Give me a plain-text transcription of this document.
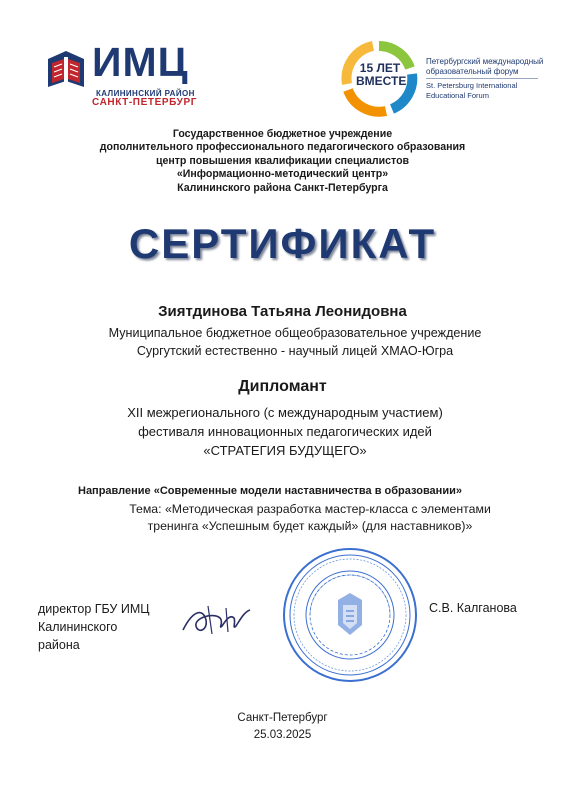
ИМЦ
КАЛИНИНСКИЙ РАЙОН
САНКТ-ПЕТЕРБУРГ
15 ЛЕТ
ВМЕСТЕ
Петербургский международный образовательный форум
St. Petersburg International Educational Forum
Государственное бюджетное учреждение
дополнительного профессионального педагогического образования
центр повышения квалификации специалистов
«Информационно-методический центр»
Калининского района Санкт-Петербурга
СЕРТИФИКАТ
Зиятдинова Татьяна Леонидовна
Муниципальное бюджетное общеобразовательное учреждение
Сургутский естественно - научный лицей ХМАО-Югра
Дипломант
XII межрегионального (с международным участием)
фестиваля инновационных педагогических идей
«СТРАТЕГИЯ БУДУЩЕГО»
Направление «Современные модели наставничества в образовании»
Тема: «Методическая разработка мастер-класса с элементами
тренинга «Успешным будет каждый» (для наставников)»
директор ГБУ ИМЦ
Калининского
района
С.В. Калганова
Санкт-Петербург
25.03.2025
